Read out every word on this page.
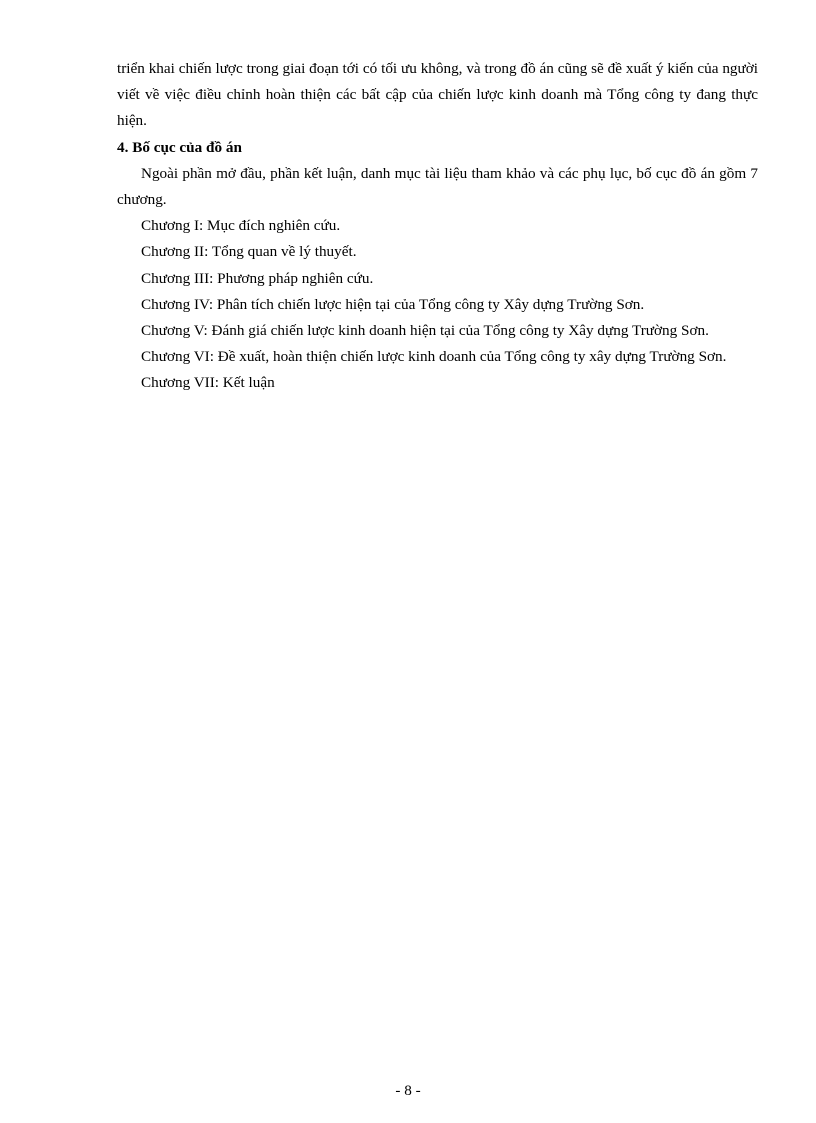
triển khai chiến lược trong giai đoạn tới có tối ưu không, và trong đồ án cũng sẽ đề xuất ý kiến của người viết về việc điều chỉnh hoàn thiện các bất cập của chiến lược kinh doanh mà Tổng công ty đang thực hiện.

4. Bố cục của đồ án

Ngoài phần mở đầu, phần kết luận, danh mục tài liệu tham khảo và các phụ lục, bố cục đồ án gồm 7 chương.

Chương I: Mục đích nghiên cứu.

Chương II: Tổng quan về lý thuyết.

Chương III: Phương pháp nghiên cứu.

Chương IV: Phân tích chiến lược hiện tại của Tổng công ty Xây dựng Trường Sơn.

Chương V: Đánh giá chiến lược kinh doanh hiện tại của Tổng công ty Xây dựng Trường Sơn.

Chương VI: Đề xuất, hoàn thiện chiến lược kinh doanh của Tổng công ty xây dựng Trường Sơn.

Chương VII: Kết luận

- 8 -
